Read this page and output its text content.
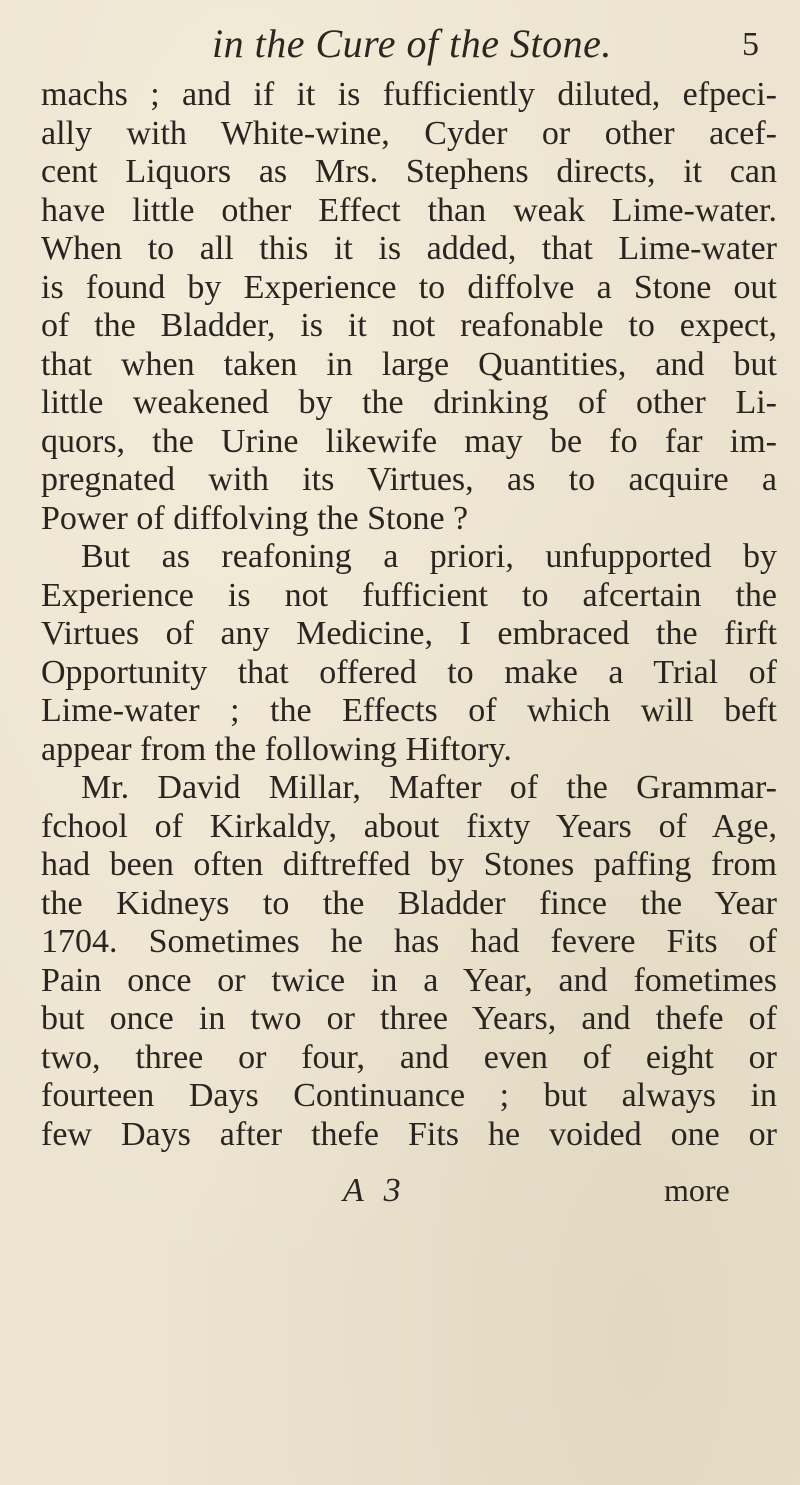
in the Cure of the Stone.	5
machs ; and if it is fufficiently diluted, efpeci-
ally with White-wine, Cyder or other acef-
cent Liquors as Mrs. Stephens directs, it can
have little other Effect than weak Lime-water.
When to all this it is added, that Lime-water
is found by Experience to diffolve a Stone out
of the Bladder, is it not reafonable to expect,
that when taken in large Quantities, and but
little weakened by the drinking of other Li-
quors, the Urine likewife may be fo far im-
pregnated with its Virtues, as to acquire a
Power of diffolving the Stone ?
But as reafoning a priori, unfupported by
Experience is not fufficient to afcertain the
Virtues of any Medicine, I embraced the firft
Opportunity that offered to make a Trial of
Lime-water ; the Effects of which will beft
appear from the following Hiftory.
Mr. David Millar, Mafter of the Grammar-
fchool of Kirkaldy, about fixty Years of Age,
had been often diftreffed by Stones paffing from
the Kidneys to the Bladder fince the Year
1704. Sometimes he has had fevere Fits of
Pain once or twice in a Year, and fometimes
but once in two or three Years, and thefe of
two, three or four, and even of eight or
fourteen Days Continuance ; but always in
few Days after thefe Fits he voided one or
A 3	more
